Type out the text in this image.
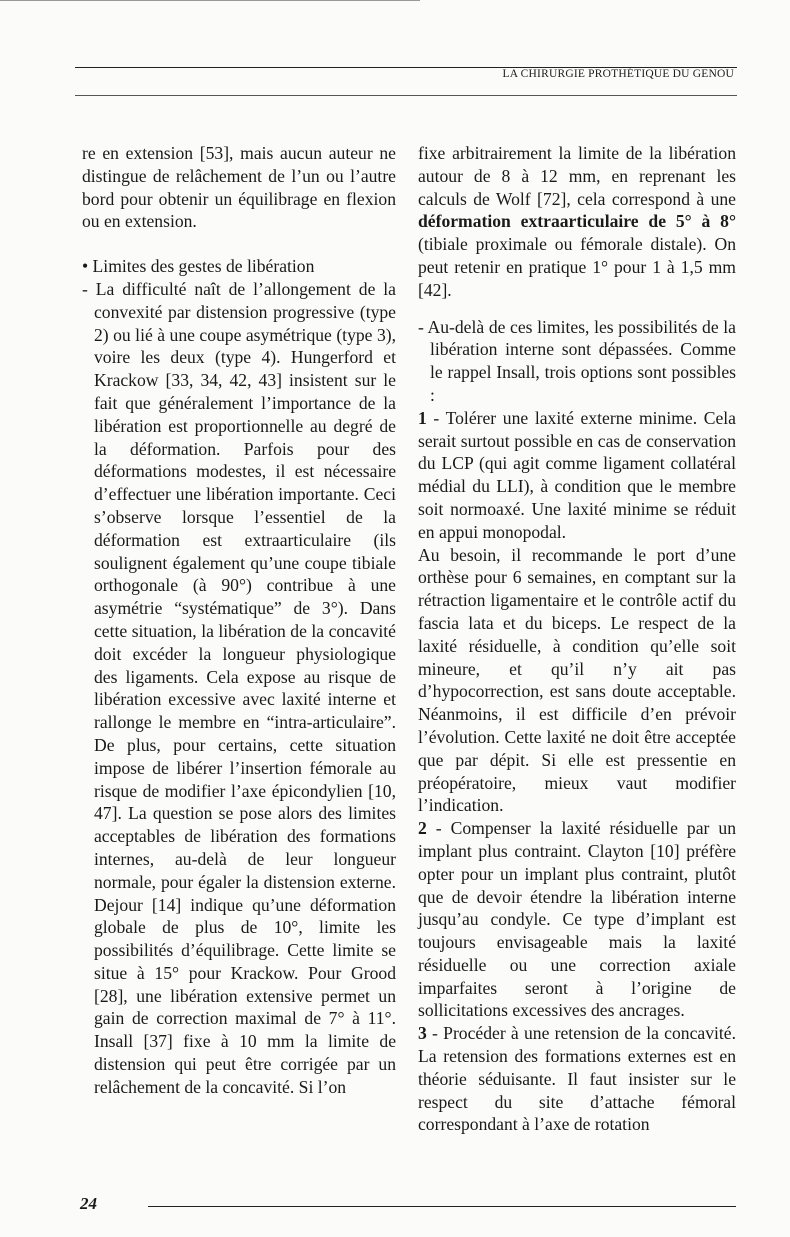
LA CHIRURGIE PROTHÉTIQUE DU GENOU

re en extension [53], mais aucun auteur ne distingue de relâchement de l’un ou l’autre bord pour obtenir un équilibrage en flexion ou en extension.

• Limites des gestes de libération

- La difficulté naît de l’allongement de la convexité par distension progressive (type 2) ou lié à une coupe asymétrique (type 3), voire les deux (type 4). Hungerford et Krackow [33, 34, 42, 43] insistent sur le fait que généralement l’importance de la libération est proportionnelle au degré de la déformation. Parfois pour des déformations modestes, il est nécessaire d’effectuer une libération importante. Ceci s’observe lorsque l’essentiel de la déformation est extraarticulaire (ils soulignent également qu’une coupe tibiale orthogonale (à 90°) contribue à une asymétrie “systématique” de 3°). Dans cette situation, la libération de la concavité doit excéder la longueur physiologique des ligaments. Cela expose au risque de libération excessive avec laxité interne et rallonge le membre en “intra-articulaire”. De plus, pour certains, cette situation impose de libérer l’insertion fémorale au risque de modifier l’axe épicondylien [10, 47]. La question se pose alors des limites acceptables de libération des formations internes, au-delà de leur longueur normale, pour égaler la distension externe. Dejour [14] indique qu’une déformation globale de plus de 10°, limite les possibilités d’équilibrage. Cette limite se situe à 15° pour Krackow. Pour Grood [28], une libération extensive permet un gain de correction maximal de 7° à 11°. Insall [37] fixe à 10 mm la limite de distension qui peut être corrigée par un relâchement de la concavité. Si l’on

fixe arbitrairement la limite de la libération autour de 8 à 12 mm, en reprenant les calculs de Wolf [72], cela correspond à une déformation extraarticulaire de 5° à 8° (tibiale proximale ou fémorale distale). On peut retenir en pratique 1° pour 1 à 1,5 mm [42].

- Au-delà de ces limites, les possibilités de la libération interne sont dépassées. Comme le rappel Insall, trois options sont possibles :

1 - Tolérer une laxité externe minime. Cela serait surtout possible en cas de conservation du LCP (qui agit comme ligament collatéral médial du LLI), à condition que le membre soit normoaxé. Une laxité minime se réduit en appui monopodal.

Au besoin, il recommande le port d’une orthèse pour 6 semaines, en comptant sur la rétraction ligamentaire et le contrôle actif du fascia lata et du biceps. Le respect de la laxité résiduelle, à condition qu’elle soit mineure, et qu’il n’y ait pas d’hypocorrection, est sans doute acceptable. Néanmoins, il est difficile d’en prévoir l’évolution. Cette laxité ne doit être acceptée que par dépit. Si elle est pressentie en préopératoire, mieux vaut modifier l’indication.

2 - Compenser la laxité résiduelle par un implant plus contraint. Clayton [10] préfère opter pour un implant plus contraint, plutôt que de devoir étendre la libération interne jusqu’au condyle. Ce type d’implant est toujours envisageable mais la laxité résiduelle ou une correction axiale imparfaites seront à l’origine de sollicitations excessives des ancrages.

3 - Procéder à une retension de la concavité. La retension des formations externes est en théorie séduisante. Il faut insister sur le respect du site d’attache fémoral correspondant à l’axe de rotation

24
